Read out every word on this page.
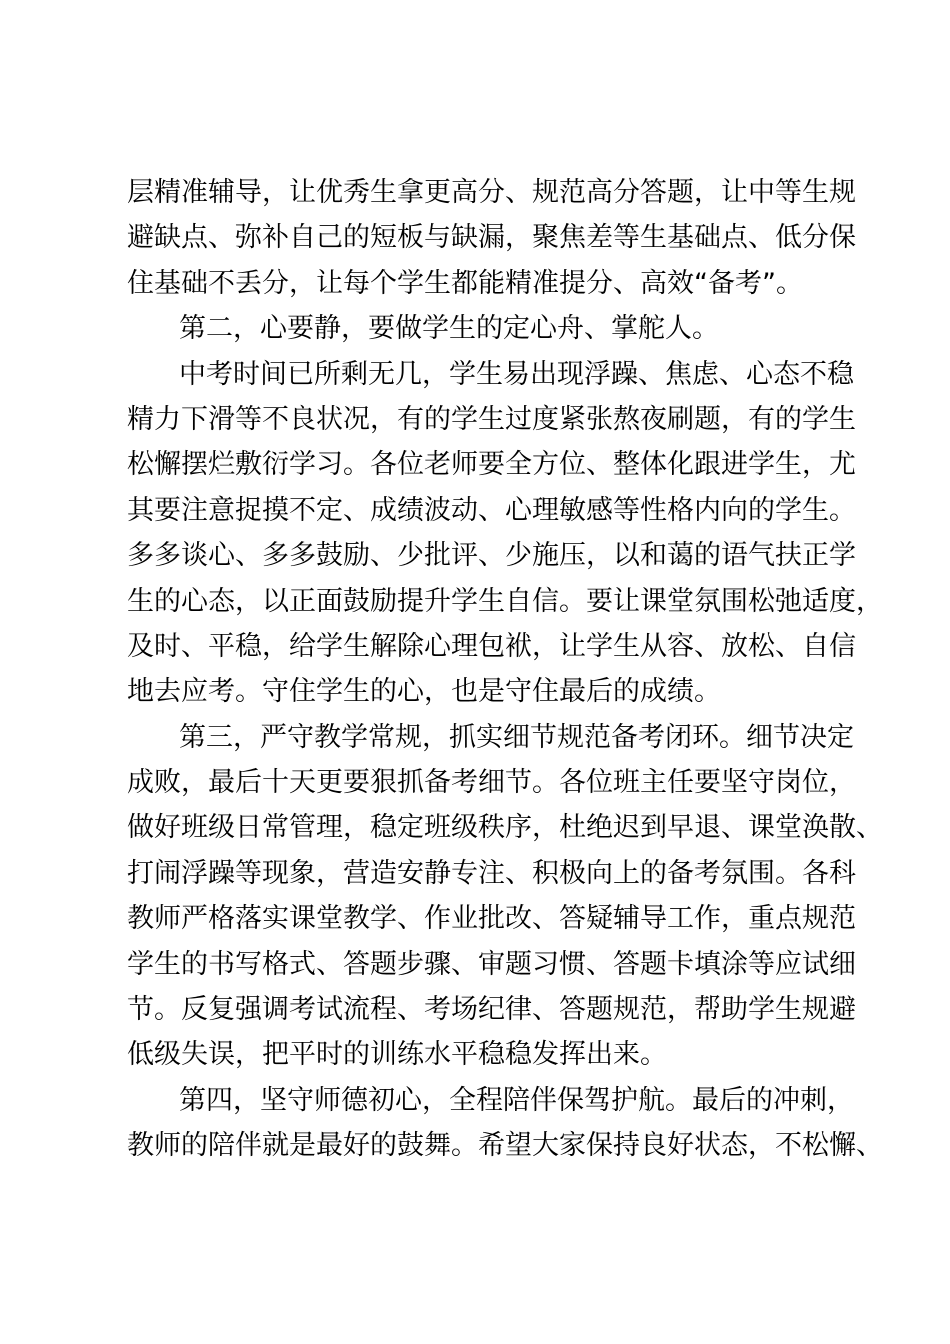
层精准辅导，让优秀生拿更高分、规范高分答题，让中等生规
避缺点、弥补自己的短板与缺漏，聚焦差等生基础点、低分保
住基础不丢分，让每个学生都能精准提分、高效“备考”。
第二，心要静，要做学生的定心舟、掌舵人。
中考时间已所剩无几，学生易出现浮躁、焦虑、心态不稳
精力下滑等不良状况，有的学生过度紧张熬夜刷题，有的学生
松懈摆烂敷衍学习。各位老师要全方位、整体化跟进学生，尤
其要注意捉摸不定、成绩波动、心理敏感等性格内向的学生。
多多谈心、多多鼓励、少批评、少施压，以和蔼的语气扶正学
生的心态，以正面鼓励提升学生自信。要让课堂氛围松弛适度，
及时、平稳，给学生解除心理包袱，让学生从容、放松、自信
地去应考。守住学生的心，也是守住最后的成绩。
第三，严守教学常规，抓实细节规范备考闭环。细节决定
成败，最后十天更要狠抓备考细节。各位班主任要坚守岗位，
做好班级日常管理，稳定班级秩序，杜绝迟到早退、课堂涣散、
打闹浮躁等现象，营造安静专注、积极向上的备考氛围。各科
教师严格落实课堂教学、作业批改、答疑辅导工作，重点规范
学生的书写格式、答题步骤、审题习惯、答题卡填涂等应试细
节。反复强调考试流程、考场纪律、答题规范，帮助学生规避
低级失误，把平时的训练水平稳稳发挥出来。
第四，坚守师德初心，全程陪伴保驾护航。最后的冲刺，
教师的陪伴就是最好的鼓舞。希望大家保持良好状态，不松懈、
